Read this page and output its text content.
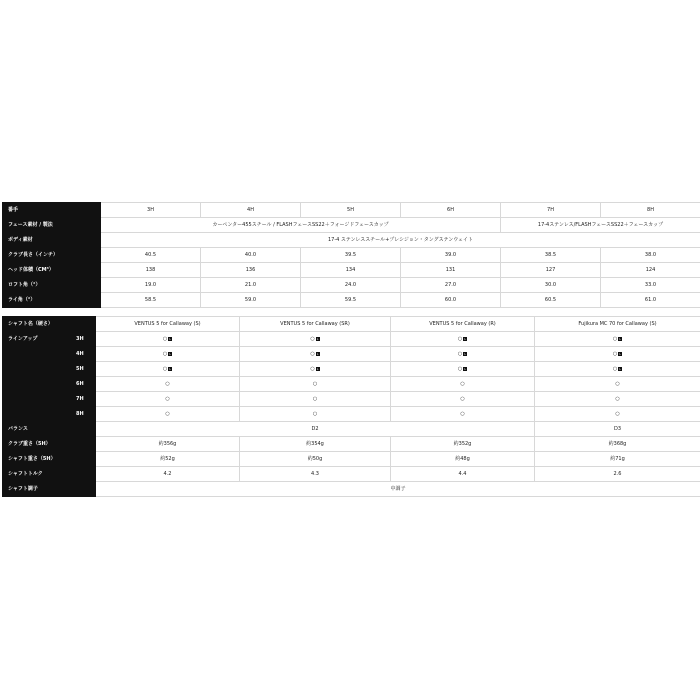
番手	3H	4H	5H	6H	7H	8H
フェース素材 / 製法	カーペンター455スチール / FLASHフェースSS22＋フォージドフェースカップ				17-4ステンレス/FLASHフェースSS22＋フェースカップ	
ボディ素材	17-4 ステンレススチール+プレシジョン・タングステンウェイト					
クラブ長さ（インチ）	40.5	40.0	39.5	39.0	38.5	38.0
ヘッド体積（CM³）	138	136	134	131	127	124
ロフト角（°）	19.0	21.0	24.0	27.0	30.0	33.0
ライ角（°）	58.5	59.0	59.5	60.0	60.5	61.0
シャフト名（硬さ）		VENTUS 5 for Callaway (S)	VENTUS 5 for Callaway (SR)	VENTUS 5 for Callaway (R)	Fujikura MC 70 for Callaway (S)

ラインアップ	3H	○ L	○ L	○ L	○ L
	4H	○ L	○ L	○ L	○ L
	5H	○ L	○ L	○ L	○ L
	6H	○	○	○	○
	7H	○	○	○	○
	8H	○	○	○	○
バランス		D2			D3
クラブ重さ（5H）		約356g	約354g	約352g	約368g
シャフト重さ（5H）		約52g	約50g	約48g	約71g
シャフトトルク		4.2	4.3	4.4	2.6
シャフト調子		中調子			
